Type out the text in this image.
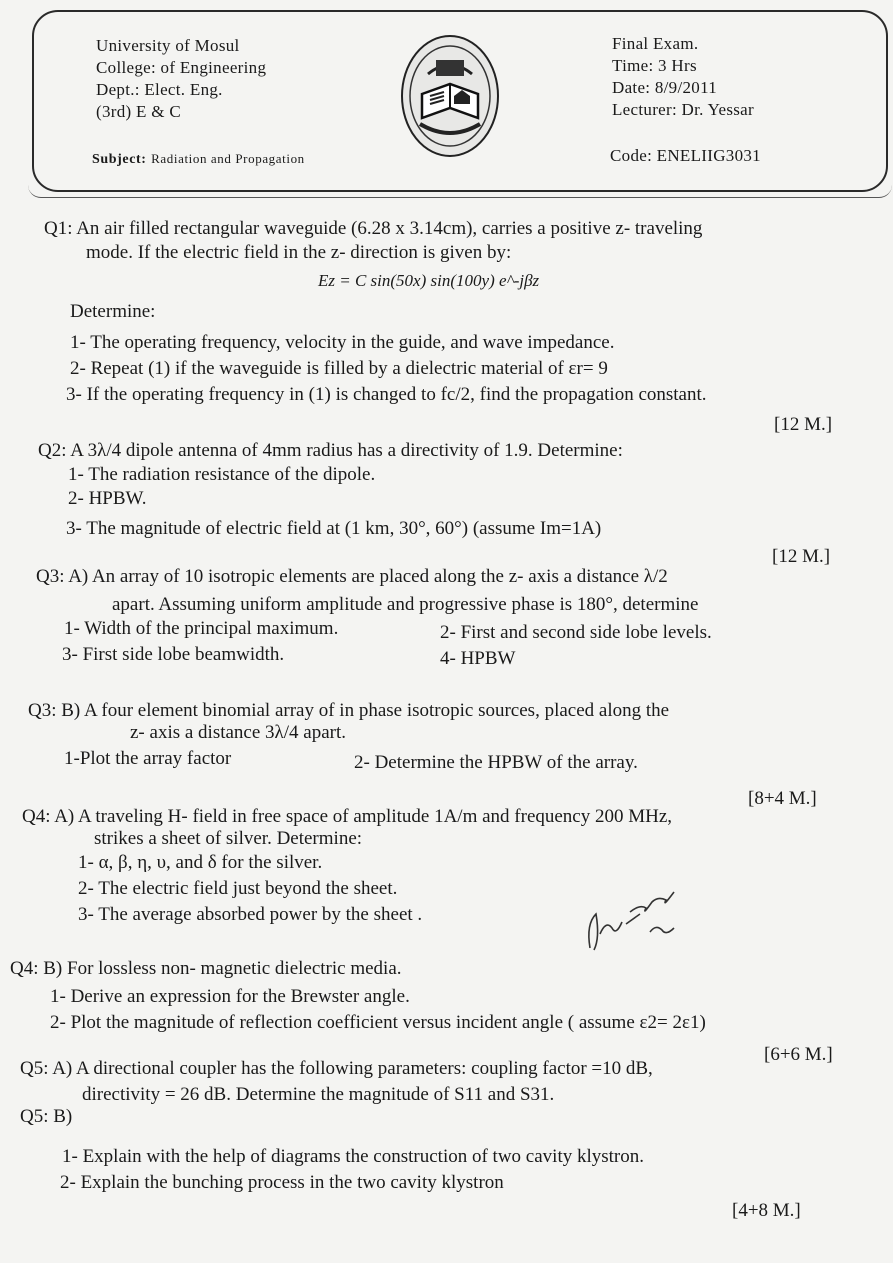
University of Mosul
College: of Engineering
Dept.: Elect. Eng.
(3rd) E & C
Subject: Radiation and Propagation
Final Exam.
Time: 3 Hrs
Date: 8/9/2011
Lecturer: Dr. Yessar
Code: ENELIIG3031
Q1: An air filled rectangular waveguide (6.28 x 3.14cm), carries a positive z- traveling
mode. If the electric field in the z- direction is given by:
Ez = C sin(50x) sin(100y) e^-jβz
Determine:
1- The operating frequency, velocity in the guide, and wave impedance.
2- Repeat (1) if the waveguide is filled by a dielectric material of εr= 9
3- If the operating frequency in (1) is changed to fc/2, find the propagation constant.
[12 M.]
Q2: A 3λ/4 dipole antenna of 4mm radius has a directivity of 1.9. Determine:
1- The radiation resistance of the dipole.
2- HPBW.
3- The magnitude of electric field at (1 km, 30°, 60°) (assume Im=1A)
[12 M.]
Q3: A) An array of 10 isotropic elements are placed along the z- axis a distance λ/2
apart. Assuming uniform amplitude and progressive phase is 180°, determine
1- Width of the principal maximum.	2- First and second side lobe levels.
3- First side lobe beamwidth.	4- HPBW
Q3: B) A four element binomial array of in phase isotropic sources, placed along the
z- axis a distance 3λ/4 apart.
1-Plot the array factor	2- Determine the HPBW of the array.
[8+4 M.]
Q4: A) A traveling H- field in free space of amplitude 1A/m and frequency 200 MHz,
strikes a sheet of silver. Determine:
1- α, β, η, υ, and δ for the silver.
2- The electric field just beyond the sheet.
3- The average absorbed power by the sheet .
Q4: B) For lossless non- magnetic dielectric media.
1- Derive an expression for the Brewster angle.
2- Plot the magnitude of reflection coefficient versus incident angle ( assume ε2= 2ε1)
[6+6 M.]
Q5: A) A directional coupler has the following parameters: coupling factor =10 dB,
directivity = 26 dB. Determine the magnitude of S11 and S31.
Q5: B)
1- Explain with the help of diagrams the construction of two cavity klystron.
2- Explain the bunching process in the two cavity klystron
[4+8 M.]
